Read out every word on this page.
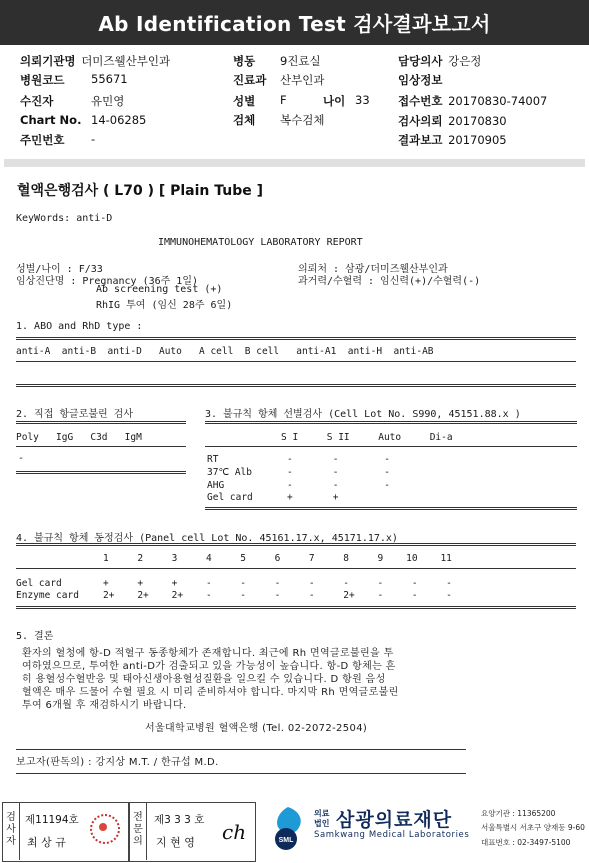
Ab Identification Test 검사결과보고서
의뢰기관명 더미즈웰산부인과
병원코드 55671
수진자	유민영
Chart No. 14-06285
주민번호 -
병동 9진료실
진료과 산부인과
성별 F	나이 33
검체 복수검체
담당의사 강은정
임상정보
접수번호 20170830-74007
검사의뢰 20170830
결과보고 20170905
혈액은행검사 ( L70 ) [ Plain Tube ]
KeyWords: anti-D
IMMUNOHEMATOLOGY LABORATORY REPORT
성별/나이 : F/33
임상진단명 : Pregnancy (36주 1일)
Ab screening test (+)
RhIG 투여 (임신 28주 6일)
의뢰처 : 삼광/더미즈웰산부인과
과거력/수혈력 : 임신력(+)/수혈력(-)
1. ABO and RhD type :
anti-A  anti-B  anti-D   Auto   A cell  B cell   anti-A1  anti-H  anti-AB
2. 직접 항글로불린 검사
Poly   IgG   C3d   IgM
-
3. 불규칙 항체 선별검사 (Cell Lot No. S990, 45151.88.x )
S I     S II     Auto     Di-a
RT	-       -        -
37℃ Alb	-       -        -
AHG	-       -        -
Gel card	+       +
4. 불규칙 항체 동정검사 (Panel cell Lot No. 45161.17.x, 45171.17.x)
1     2     3     4     5     6     7     8     9    10    11
Gel card	+     +     +     -     -     -     -     -     -     -     -
Enzyme card	2+    2+    2+    -     -     -     -     2+    -     -     -
5. 결론
환자의 혈청에 항-D 적혈구 동종항체가 존재합니다. 최근에 Rh 면역글로불린을 투
여하였으므로, 투여한 anti-D가 검출되고 있을 가능성이 높습니다. 항-D 항체는 흔
히 용혈성수혈반응 및 태아신생아용혈성질환을 일으킬 수 있습니다. D 항원 음성
혈액은 매우 드물어 수혈 필요 시 미리 준비하셔야 합니다. 마지막 Rh 면역글로불린
투여 6개월 후 재검하시기 바랍니다.
서울대학교병원 혈액은행 (Tel. 02-2072-2504)
보고자(판독의) : 강지상 M.T. / 한규섭 M.D.
검
사
자
전
문
의
제11194호
최 상 규
제3 3 3 호
지 현 영 ch	SML
의료
법인 삼광의료재단
Samkwang Medical Laboratories
요양기관 : 11365200
서울특별시 서초구 양재동 9-60
대표번호 : 02-3497-5100
